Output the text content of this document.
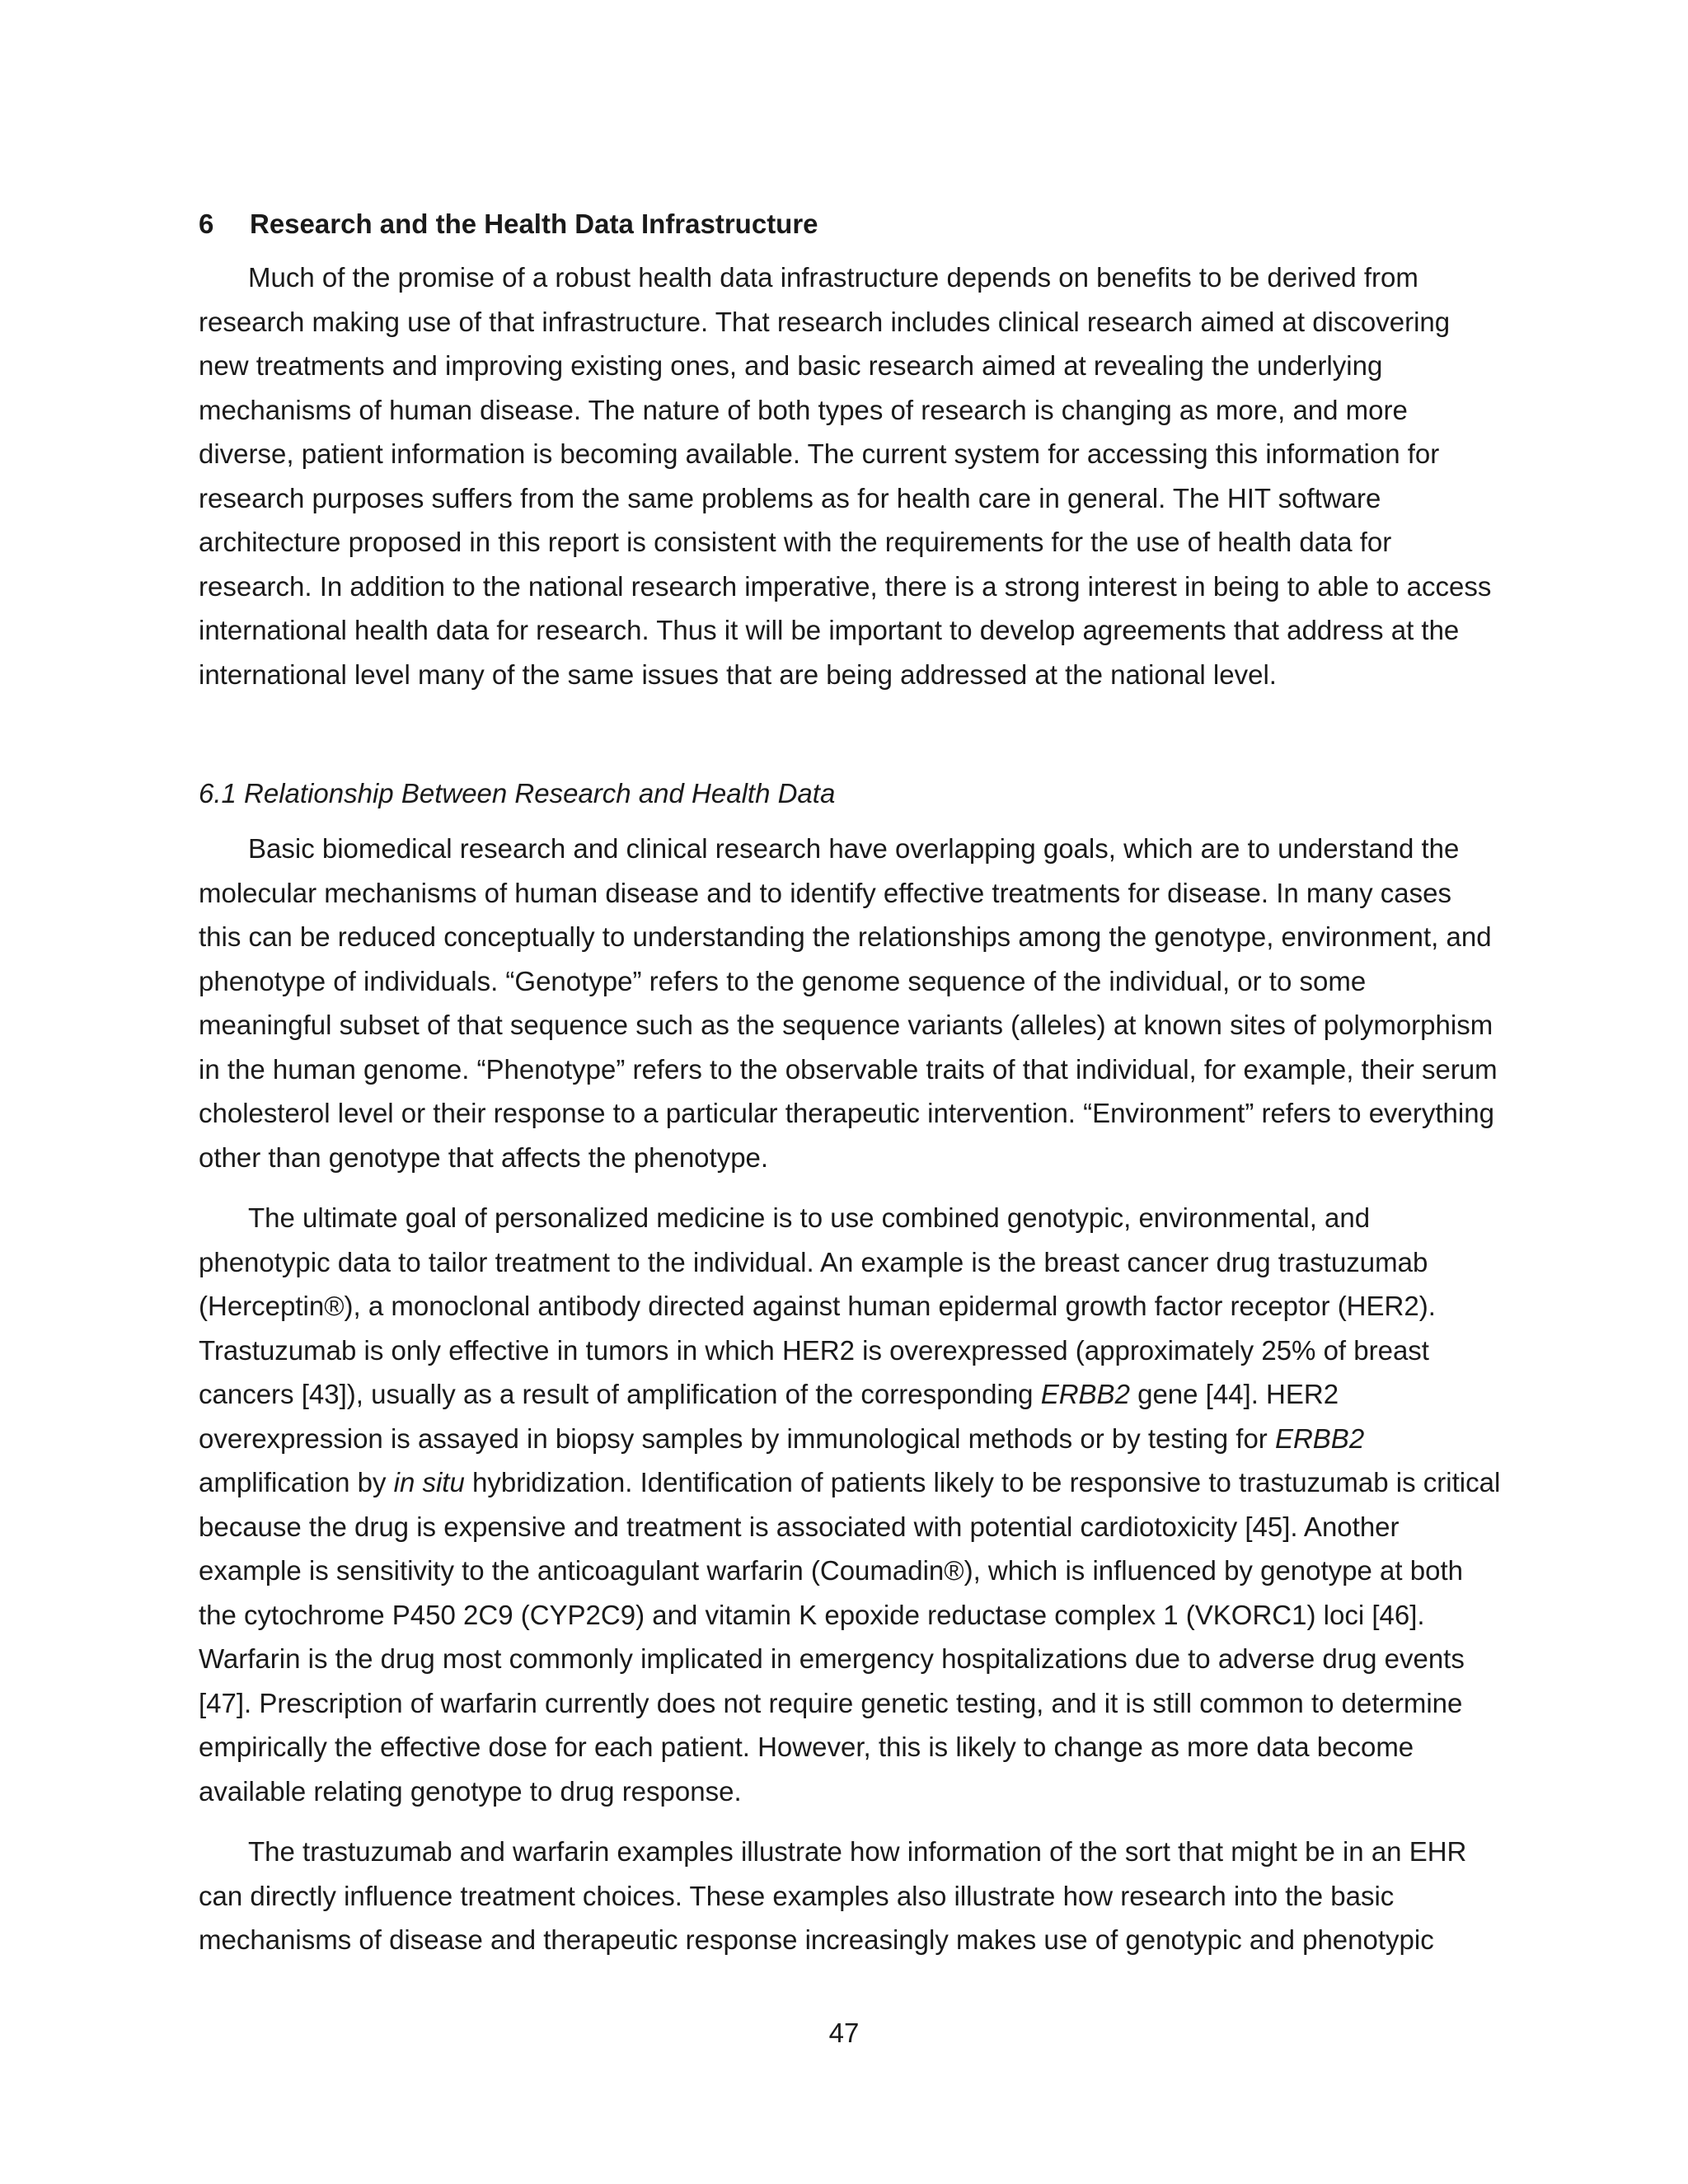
6 Research and the Health Data Infrastructure

Much of the promise of a robust health data infrastructure depends on benefits to be derived from research making use of that infrastructure. That research includes clinical research aimed at discovering new treatments and improving existing ones, and basic research aimed at revealing the underlying mechanisms of human disease. The nature of both types of research is changing as more, and more diverse, patient information is becoming available. The current system for accessing this information for research purposes suffers from the same problems as for health care in general. The HIT software architecture proposed in this report is consistent with the requirements for the use of health data for research. In addition to the national research imperative, there is a strong interest in being to able to access international health data for research. Thus it will be important to develop agreements that address at the international level many of the same issues that are being addressed at the national level.

6.1 Relationship Between Research and Health Data

Basic biomedical research and clinical research have overlapping goals, which are to understand the molecular mechanisms of human disease and to identify effective treatments for disease. In many cases this can be reduced conceptually to understanding the relationships among the genotype, environment, and phenotype of individuals. “Genotype” refers to the genome sequence of the individual, or to some meaningful subset of that sequence such as the sequence variants (alleles) at known sites of polymorphism in the human genome. “Phenotype” refers to the observable traits of that individual, for example, their serum cholesterol level or their response to a particular therapeutic intervention. “Environment” refers to everything other than genotype that affects the phenotype.

The ultimate goal of personalized medicine is to use combined genotypic, environmental, and phenotypic data to tailor treatment to the individual. An example is the breast cancer drug trastuzumab (Herceptin®), a monoclonal antibody directed against human epidermal growth factor receptor (HER2). Trastuzumab is only effective in tumors in which HER2 is overexpressed (approximately 25% of breast cancers [43]), usually as a result of amplification of the corresponding ERBB2 gene [44]. HER2 overexpression is assayed in biopsy samples by immunological methods or by testing for ERBB2 amplification by in situ hybridization. Identification of patients likely to be responsive to trastuzumab is critical because the drug is expensive and treatment is associated with potential cardiotoxicity [45]. Another example is sensitivity to the anticoagulant warfarin (Coumadin®), which is influenced by genotype at both the cytochrome P450 2C9 (CYP2C9) and vitamin K epoxide reductase complex 1 (VKORC1) loci [46]. Warfarin is the drug most commonly implicated in emergency hospitalizations due to adverse drug events [47]. Prescription of warfarin currently does not require genetic testing, and it is still common to determine empirically the effective dose for each patient. However, this is likely to change as more data become available relating genotype to drug response.

The trastuzumab and warfarin examples illustrate how information of the sort that might be in an EHR can directly influence treatment choices. These examples also illustrate how research into the basic mechanisms of disease and therapeutic response increasingly makes use of genotypic and phenotypic

47
